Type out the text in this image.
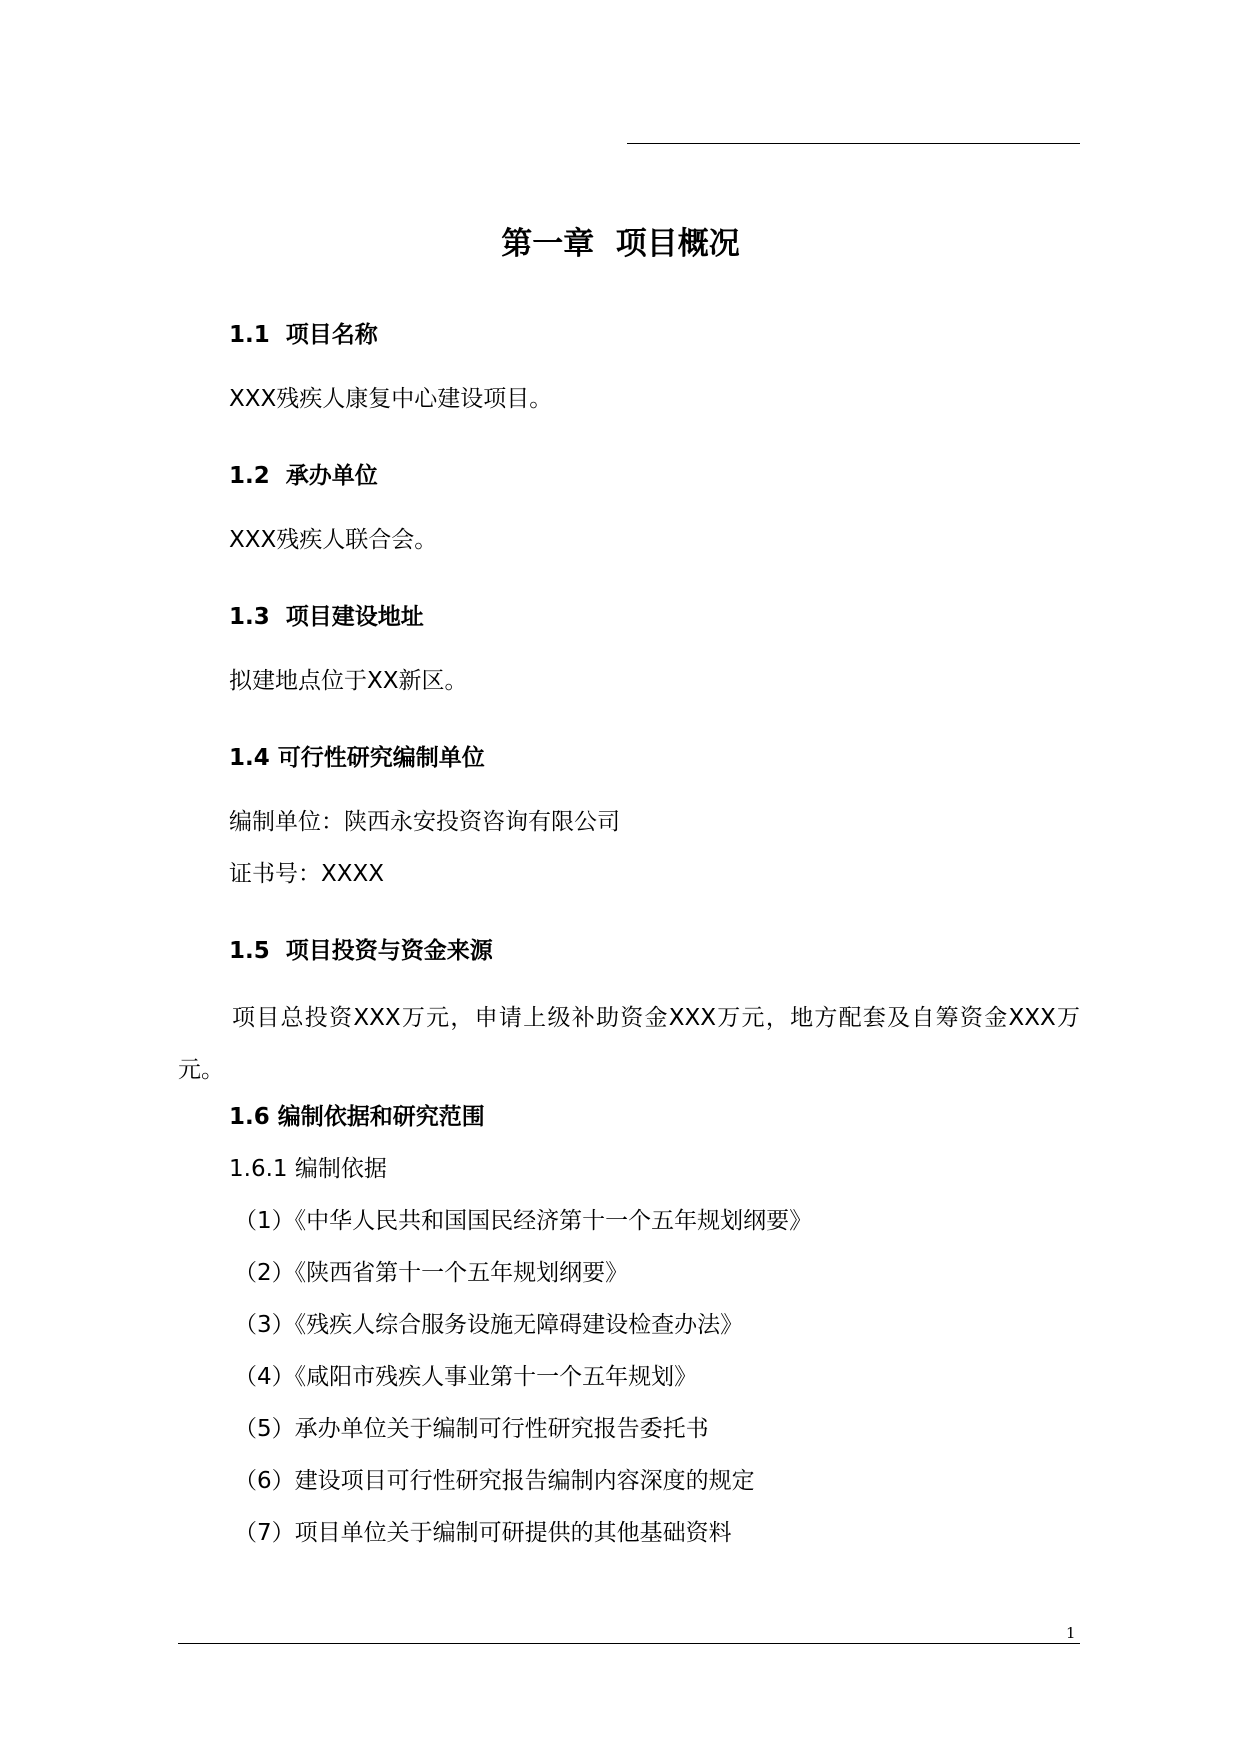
第一章  项目概况
1.1  项目名称
XXX残疾人康复中心建设项目。
1.2  承办单位
XXX残疾人联合会。
1.3  项目建设地址
拟建地点位于XX新区。
1.4 可行性研究编制单位
编制单位：陕西永安投资咨询有限公司
证书号：XXXX
1.5  项目投资与资金来源
项目总投资XXX万元，申请上级补助资金XXX万元，地方配套及自筹资金XXX万元。
1.6 编制依据和研究范围
1.6.1 编制依据
（1）《中华人民共和国国民经济第十一个五年规划纲要》
（2）《陕西省第十一个五年规划纲要》
（3）《残疾人综合服务设施无障碍建设检查办法》
（4）《咸阳市残疾人事业第十一个五年规划》
（5）承办单位关于编制可行性研究报告委托书
（6）建设项目可行性研究报告编制内容深度的规定
（7）项目单位关于编制可研提供的其他基础资料
1
